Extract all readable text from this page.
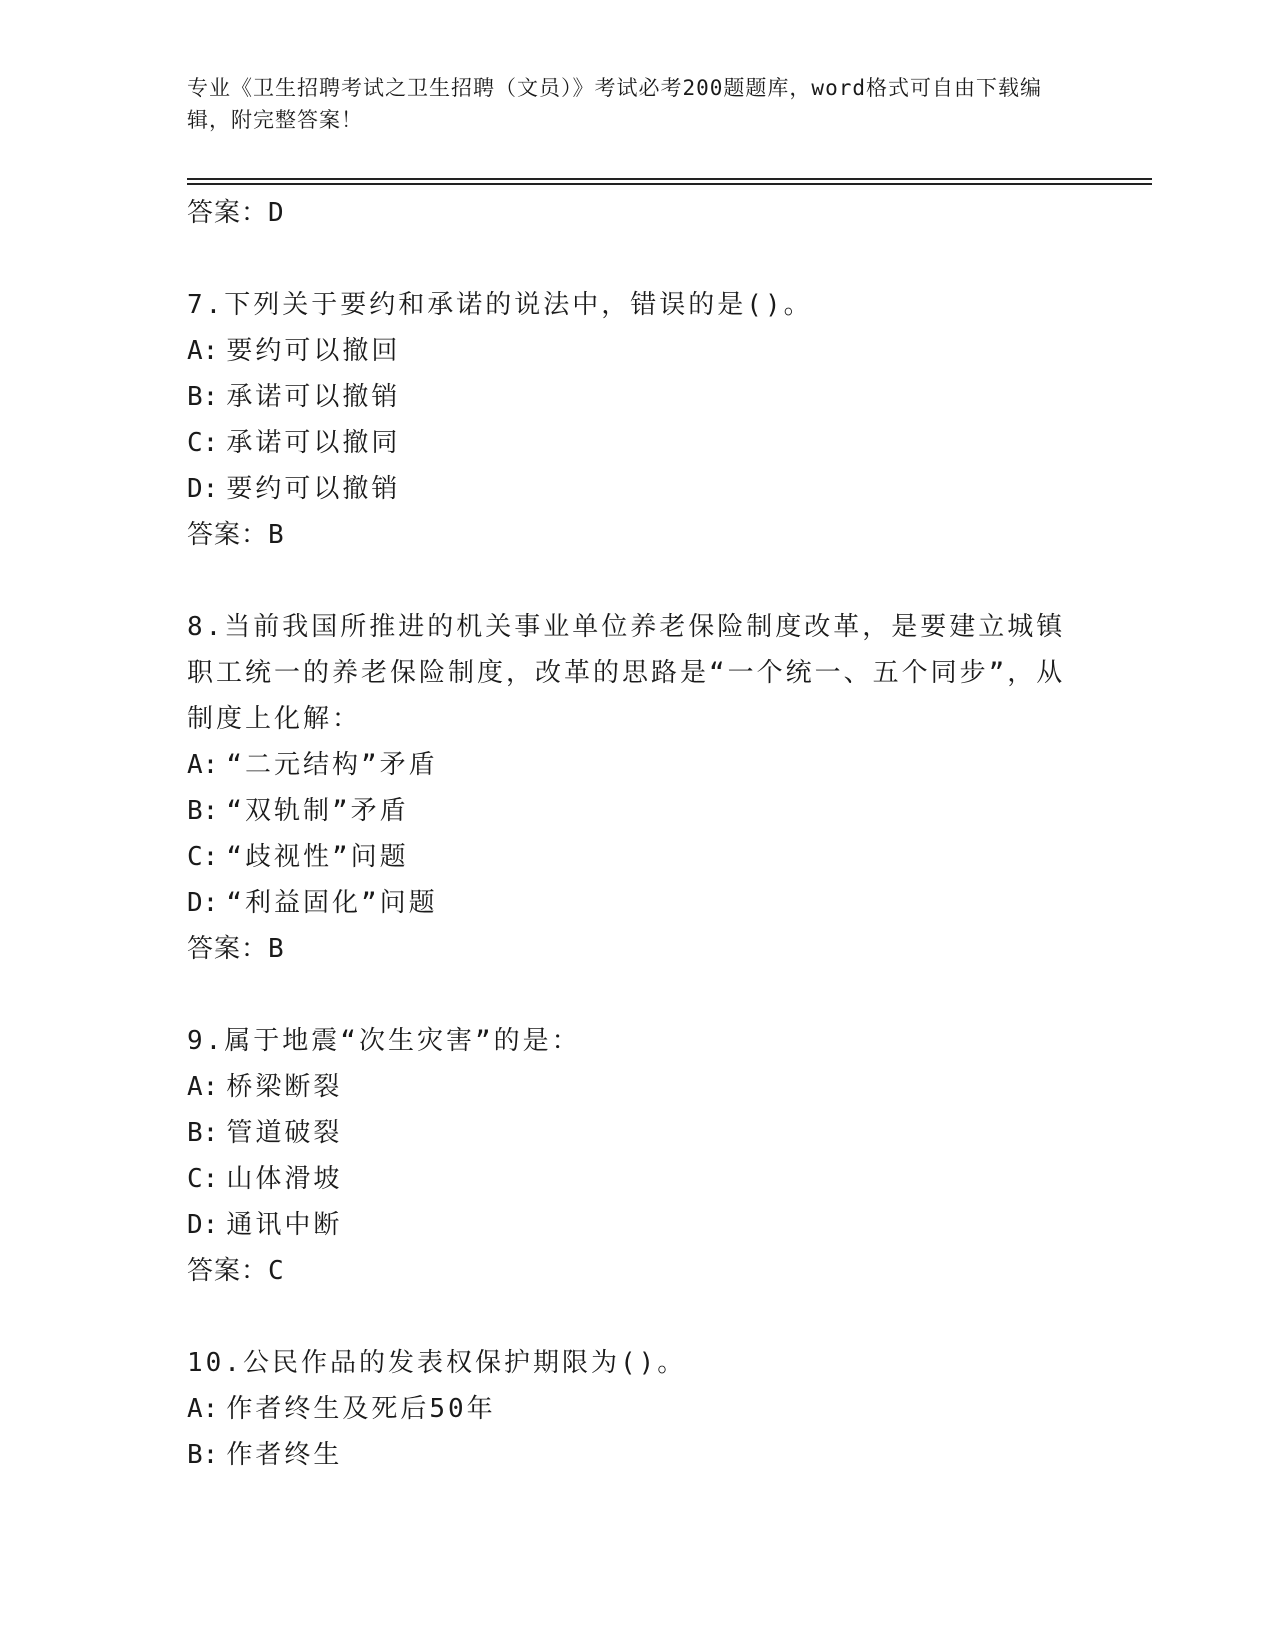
专业《卫生招聘考试之卫生招聘（文员）》考试必考200题题库，word格式可自由下载编辑，附完整答案！
答案：D

7.下列关于要约和承诺的说法中，错误的是()。

A: 要约可以撤回
B: 承诺可以撤销
C: 承诺可以撤同
D: 要约可以撤销
答案：B

8.当前我国所推进的机关事业单位养老保险制度改革，是要建立城镇职工统一的养老保险制度，改革的思路是“一个统一、五个同步”，从制度上化解：

A: “二元结构”矛盾
B: “双轨制”矛盾
C: “歧视性”问题
D: “利益固化”问题
答案：B

9.属于地震“次生灾害”的是：

A: 桥梁断裂
B: 管道破裂
C: 山体滑坡
D: 通讯中断
答案：C

10.公民作品的发表权保护期限为()。

A: 作者终生及死后50年
B: 作者终生
